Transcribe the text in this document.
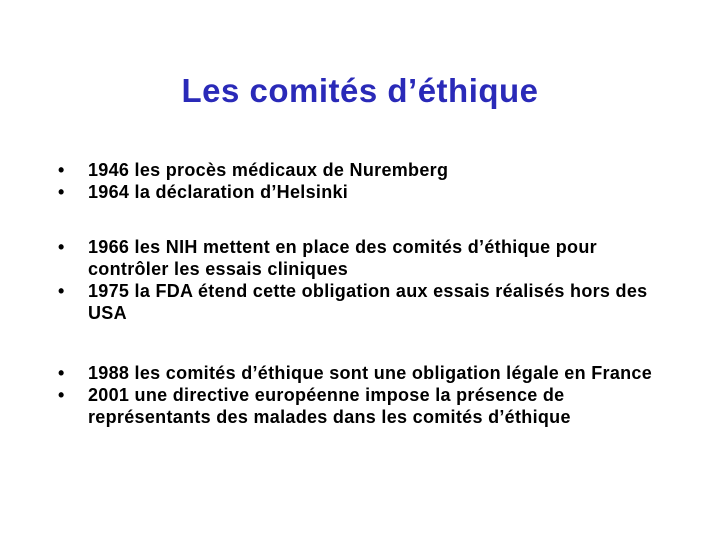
Les comités d’éthique
•	1946 les procès médicaux de Nuremberg
•	1964 la déclaration d’Helsinki
•	1966 les NIH mettent en place des comités d’éthique pour contrôler les essais cliniques
•	1975 la FDA étend cette obligation aux essais réalisés hors des USA
•	1988 les comités d’éthique sont une obligation légale en France
•	2001 une directive européenne impose la présence de représentants des malades dans les comités d’éthique
